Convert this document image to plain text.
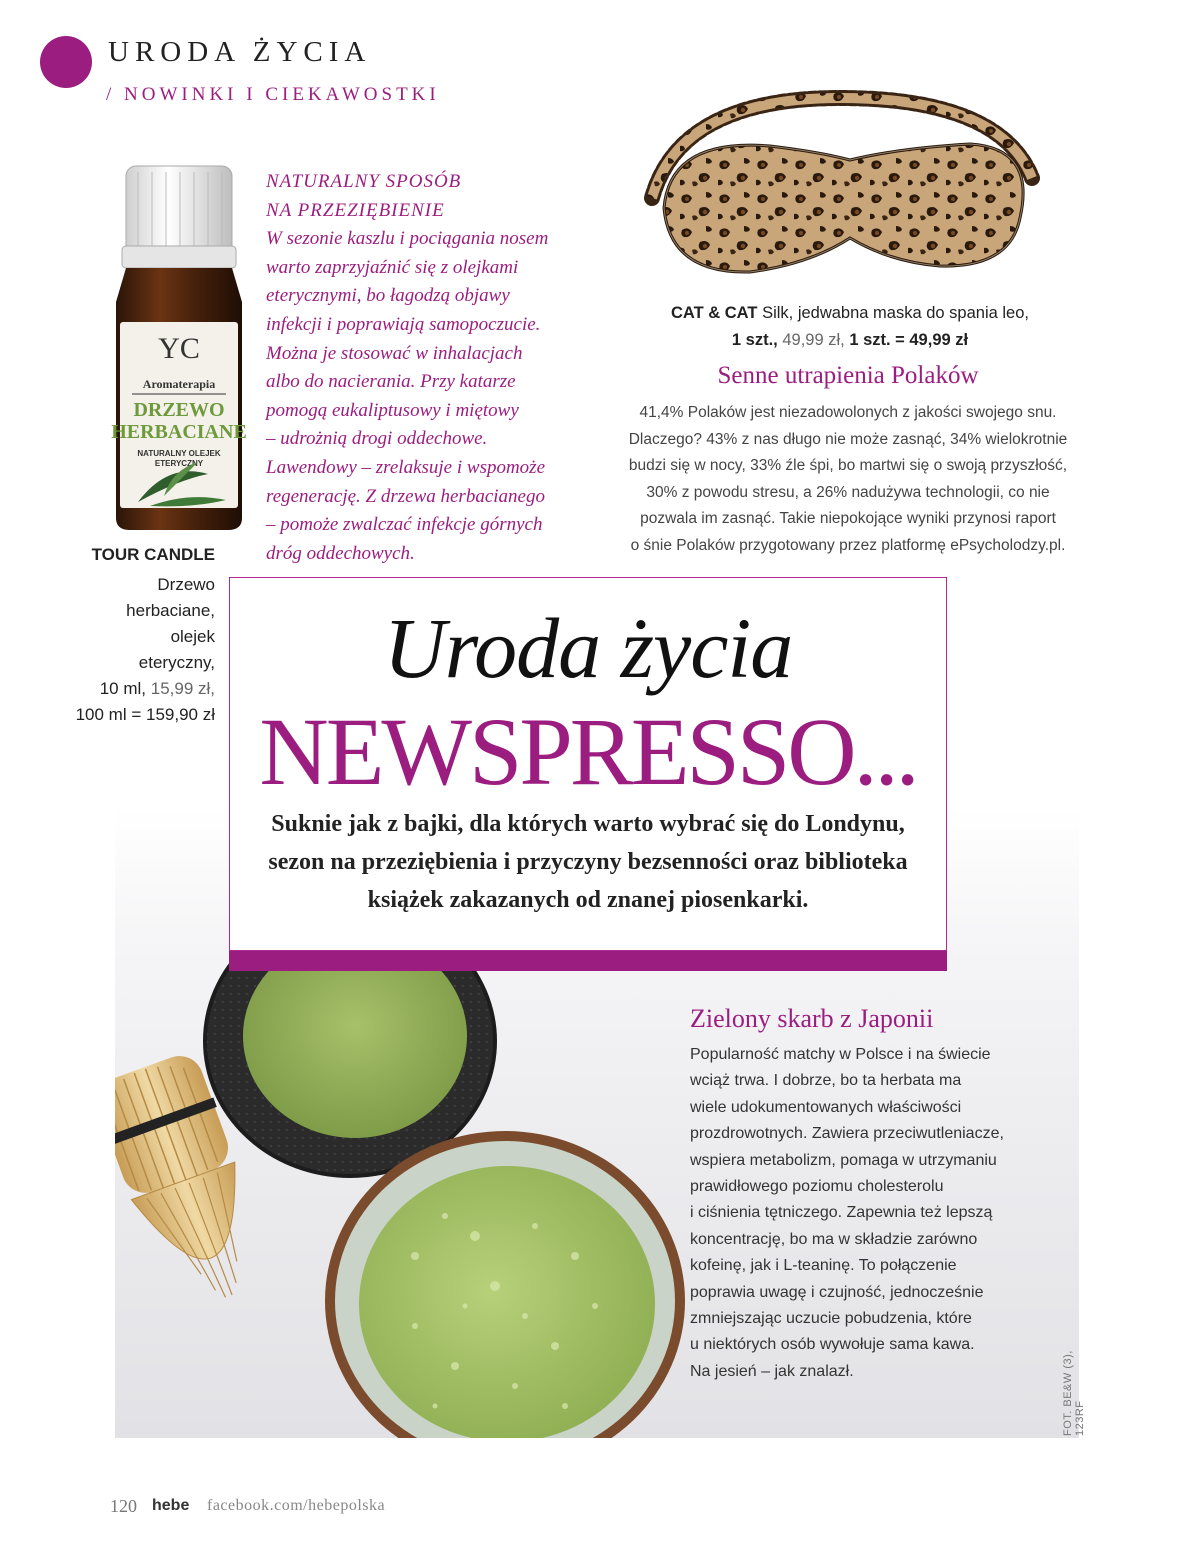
URODA ŻYCIA
/ NOWINKI I CIEKAWOSTKI
YC
Aromaterapia
DRZEWO
HERBACIANE
NATURALNY OLEJEK
ETERYCZNY
TOUR CANDLE
Drzewo
herbaciane,
olejek
eteryczny,
10 ml, 15,99 zł,
100 ml = 159,90 zł
NATURALNY SPOSÓB
NA PRZEZIĘBIENIE
W sezonie kaszlu i pociągania nosem
warto zaprzyjaźnić się z olejkami
eterycznymi, bo łagodzą objawy
infekcji i poprawiają samopoczucie.
Można je stosować w inhalacjach
albo do nacierania. Przy katarze
pomogą eukaliptusowy i miętowy
– udrożnią drogi oddechowe.
Lawendowy – zrelaksuje i wspomoże
regenerację. Z drzewa herbacianego
– pomoże zwalczać infekcje górnych
dróg oddechowych.
CAT & CAT Silk, jedwabna maska do spania leo,
1 szt., 49,99 zł, 1 szt. = 49,99 zł
Senne utrapienia Polaków
41,4% Polaków jest niezadowolonych z jakości swojego snu.
Dlaczego? 43% z nas długo nie może zasnąć, 34% wielokrotnie
budzi się w nocy, 33% źle śpi, bo martwi się o swoją przyszłość,
30% z powodu stresu, a 26% nadużywa technologii, co nie
pozwala im zasnąć. Takie niepokojące wyniki przynosi raport
o śnie Polaków przygotowany przez platformę ePsycholodzy.pl.
Uroda życia
NEWSPRESSO...
Suknie jak z bajki, dla których warto wybrać się do Londynu,
sezon na przeziębienia i przyczyny bezsenności oraz biblioteka
książek zakazanych od znanej piosenkarki.
Zielony skarb z Japonii
Popularność matchy w Polsce i na świecie
wciąż trwa. I dobrze, bo ta herbata ma
wiele udokumentowanych właściwości
prozdrowotnych. Zawiera przeciwutleniacze,
wspiera metabolizm, pomaga w utrzymaniu
prawidłowego poziomu cholesterolu
i ciśnienia tętniczego. Zapewnia też lepszą
koncentrację, bo ma w składzie zarówno
kofeinę, jak i L-teaninę. To połączenie
poprawia uwagę i czujność, jednocześnie
zmniejszając uczucie pobudzenia, które
u niektórych osób wywołuje sama kawa.
Na jesień – jak znalazł.	FOT. BE&W (3), 123RF
120 hebe facebook.com/hebepolska
